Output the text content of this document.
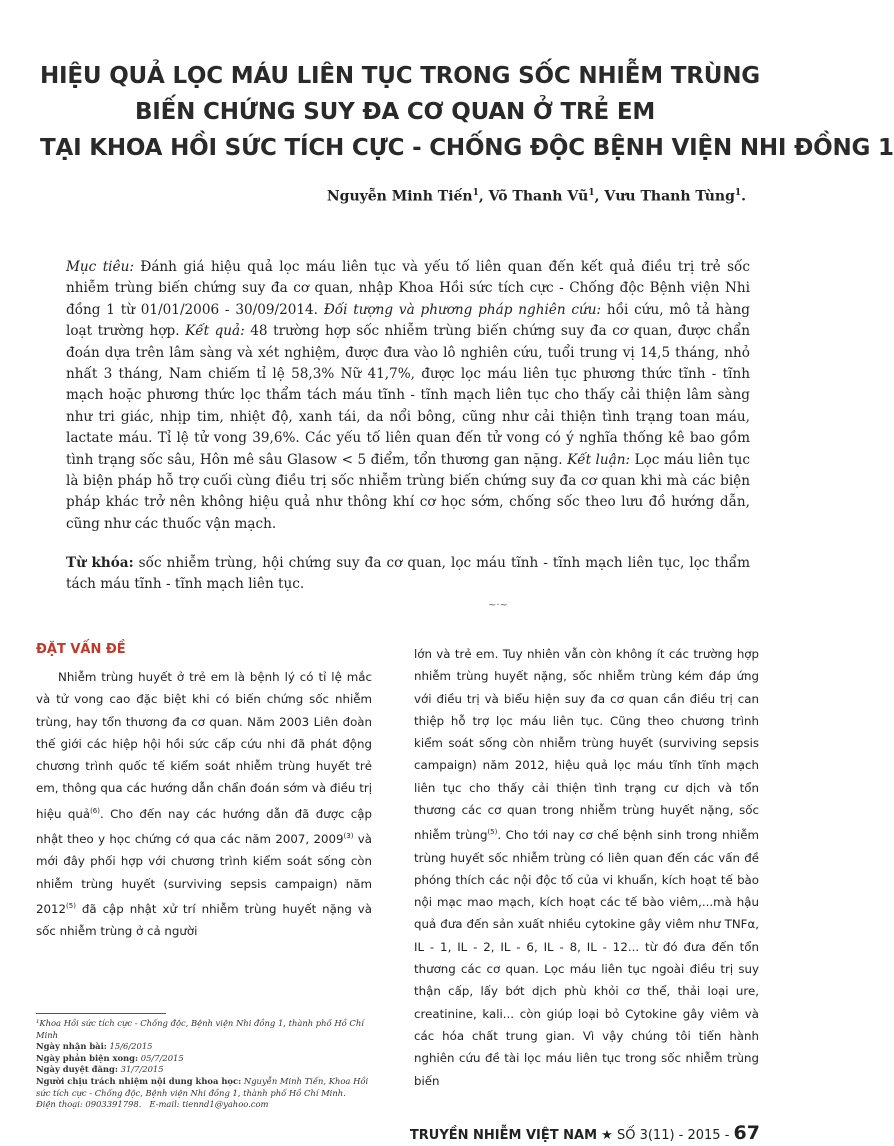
HIỆU QUẢ LỌC MÁU LIÊN TỤC TRONG SỐC NHIỄM TRÙNG
BIẾN CHỨNG SUY ĐA CƠ QUAN Ở TRẺ EM
TẠI KHOA HỒI SỨC TÍCH CỰC - CHỐNG ĐỘC BỆNH VIỆN NHI ĐỒNG 1
Nguyễn Minh Tiến$^1$, Võ Thanh $Vũ^1$, Vưu Thanh Tùng$^1$.

Mục tiêu: Đánh giá hiệu quả lọc máu liên tục và yếu tố liên quan đến kết quả điều trị trẻ sốc nhiễm trùng biến chứng suy đa cơ quan, nhập Khoa Hồi sức tích cực - Chống độc Bệnh viện Nhi đồng 1 từ 01/01/2006 - 30/09/2014. Đối tượng và phương pháp nghiên cứu: hồi cứu, mô tả hàng loạt trường hợp. Kết quả: 48 trường hợp sốc nhiễm trùng biến chứng suy đa cơ quan, được chẩn đoán dựa trên lâm sàng và xét nghiệm, được đưa vào lô nghiên cứu, tuổi trung vị 14,5 tháng, nhỏ nhất 3 tháng, Nam chiếm tỉ lệ 58,3% Nữ 41,7%, được lọc máu liên tục phương thức tĩnh - tĩnh mạch hoặc phương thức lọc thẩm tách máu tĩnh - tĩnh mạch liên tục cho thấy cải thiện lâm sàng như tri giác, nhịp tim, nhiệt độ, xanh tái, da nổi bông, cũng như cải thiện tình trạng toan máu, lactate máu. Tỉ lệ tử vong 39,6%. Các yếu tố liên quan đến tử vong có ý nghĩa thống kê bao gồm tình trạng sốc sâu, Hôn mê sâu Glasow < 5 điểm, tổn thương gan nặng. Kết luận: Lọc máu liên tục là biện pháp hỗ trợ cuối cùng điều trị sốc nhiễm trùng biến chứng suy đa cơ quan khi mà các biện pháp khác trở nên không hiệu quả như thông khí cơ học sớm, chống sốc theo lưu đồ hướng dẫn, cũng như các thuốc vận mạch.

Từ khóa: sốc nhiễm trùng, hội chứng suy đa cơ quan, lọc máu tĩnh - tĩnh mạch liên tục, lọc thẩm tách máu tĩnh - tĩnh mạch liên tục.
~·~
ĐẶT VẤN ĐỀ

Nhiễm trùng huyết ở trẻ em là bệnh lý có tỉ lệ mắc và tử vong cao đặc biệt khi có biến chứng sốc nhiễm trùng, hay tổn thương đa cơ quan. Năm 2003 Liên đoàn thế giới các hiệp hội hồi sức cấp cứu nhi đã phát động chương trình quốc tế kiểm soát nhiễm trùng huyết trẻ em, thông qua các hướng dẫn chẩn đoán sớm và điều trị hiệu quả$^{(6)}$. Cho đến nay các hướng dẫn đã được cập nhật theo y học chứng cớ qua các năm 2007, 2009$^{(3)}$ và mới đây phối hợp với chương trình kiểm soát sống còn nhiễm trùng huyết (surviving sepsis campaign) năm 2012$^{(5)}$ đã cập nhật xử trí nhiễm trùng huyết nặng và sốc nhiễm trùng ở cả người

lớn và trẻ em. Tuy nhiên vẫn còn không ít các trường hợp nhiễm trùng huyết nặng, sốc nhiễm trùng kém đáp ứng với điều trị và biểu hiện suy đa cơ quan cần điều trị can thiệp hỗ trợ lọc máu liên tục. Cũng theo chương trình kiểm soát sống còn nhiễm trùng huyết (surviving sepsis campaign) năm 2012, hiệu quả lọc máu tĩnh tĩnh mạch liên tục cho thấy cải thiện tình trạng cư dịch và tổn thương các cơ quan trong nhiễm trùng huyết nặng, sốc nhiễm trùng$^{(5)}$. Cho tới nay cơ chế bệnh sinh trong nhiễm trùng huyết sốc nhiễm trùng có liên quan đến các vấn đề phóng thích các nội độc tố của vi khuẩn, kích hoạt tế bào nội mạc mao mạch, kích hoạt các tế bào viêm,...mà hậu quả đưa đến sản xuất nhiều cytokine gây viêm như TNFα, IL - 1, IL - 2, IL - 6, IL - 8, IL - 12... từ đó đưa đến tổn thương các cơ quan. Lọc máu liên tục ngoài điều trị suy thận cấp, lấy bớt dịch phù khỏi cơ thể, thải loại ure, creatinine, kali... còn giúp loại bỏ Cytokine gây viêm và các hóa chất trung gian. Vì vậy chúng tôi tiến hành nghiên cứu đề tài lọc máu liên tục trong sốc nhiễm trùng biến

¹Khoa Hồi sức tích cực - Chống độc, Bệnh viện Nhi đồng 1, thành phố Hồ Chí Minh
Ngày nhận bài: 15/6/2015
Ngày phản biện xong: 05/7/2015
Ngày duyệt đăng: 31/7/2015
Người chịu trách nhiệm nội dung khoa học: Nguyễn Minh Tiến, Khoa Hồi sức tích cực - Chống độc, Bệnh viện Nhi đồng 1, thành phố Hồ Chí Minh.
Điện thoại: 0903391798. E-mail: tiennd1@yahoo.com
TRUYỀN NHIỄM VIỆT NAM ★ SỐ 3(11) - 2015 - 67
